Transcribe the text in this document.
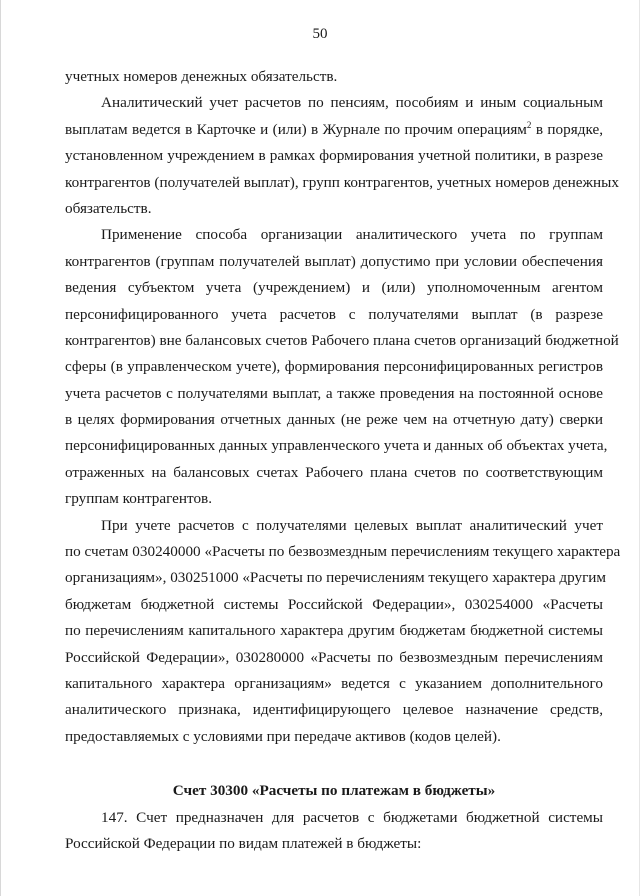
50
учетных номеров денежных обязательств.
Аналитический учет расчетов по пенсиям, пособиям и иным социальным
выплатам ведется в Карточке и (или) в Журнале по прочим операциям$^2$ в порядке,
установленном учреждением в рамках формирования учетной политики, в разрезе
контрагентов (получателей выплат), групп контрагентов, учетных номеров денежных
обязательств.
Применение способа организации аналитического учета по группам
контрагентов (группам получателей выплат) допустимо при условии обеспечения
ведения субъектом учета (учреждением) и (или) уполномоченным агентом
персонифицированного учета расчетов с получателями выплат (в разрезе
контрагентов) вне балансовых счетов Рабочего плана счетов организаций бюджетной
сферы (в управленческом учете), формирования персонифицированных регистров
учета расчетов с получателями выплат, а также проведения на постоянной основе
в целях формирования отчетных данных (не реже чем на отчетную дату) сверки
персонифицированных данных управленческого учета и данных об объектах учета,
отраженных на балансовых счетах Рабочего плана счетов по соответствующим
группам контрагентов.
При учете расчетов с получателями целевых выплат аналитический учет
по счетам 030240000 «Расчеты по безвозмездным перечислениям текущего характера
организациям», 030251000 «Расчеты по перечислениям текущего характера другим
бюджетам бюджетной системы Российской Федерации», 030254000 «Расчеты
по перечислениям капитального характера другим бюджетам бюджетной системы
Российской Федерации», 030280000 «Расчеты по безвозмездным перечислениям
капитального характера организациям» ведется с указанием дополнительного
аналитического признака, идентифицирующего целевое назначение средств,
предоставляемых с условиями при передаче активов (кодов целей).
Счет 30300 «Расчеты по платежам в бюджеты»
147. Счет предназначен для расчетов с бюджетами бюджетной системы
Российской Федерации по видам платежей в бюджеты:
